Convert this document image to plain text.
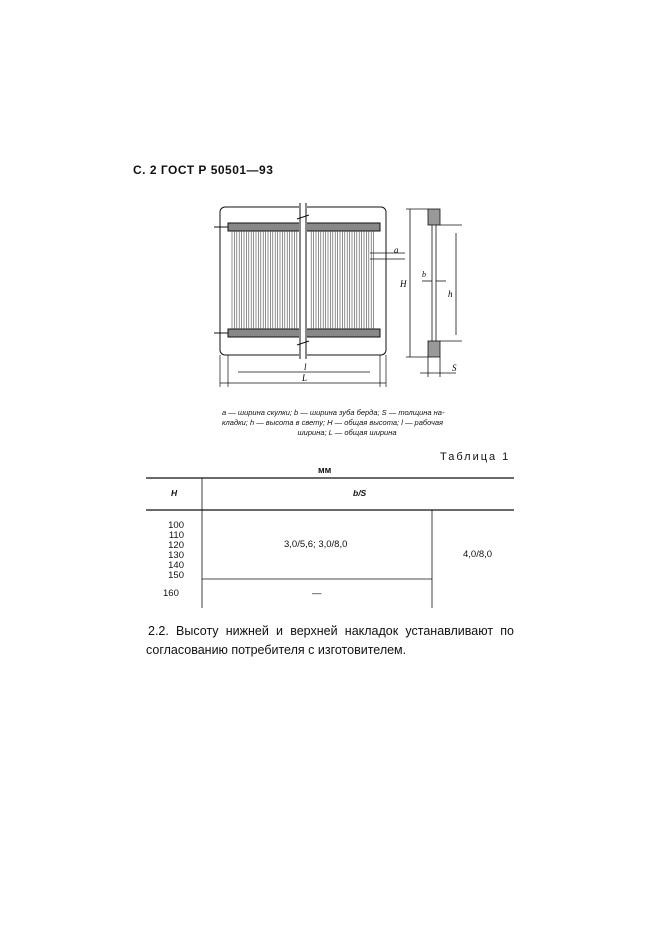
С. 2 ГОСТ Р 50501—93
a
l
L
H
h
b
S
a — ширина скулки; b — ширина зуба берда; S — толщина на-
кладки; h — высота в свету; H — общая высота; l — рабочая
ширина; L — общая ширина
Таблица 1
мм
H	b/S
100
110
120
130
140
150
160
3,0/5,6; 3,0/8,0
—
4,0/8,0
2.2. Высоту нижней и верхней накладок устанавливают по согласованию потребителя с изготовителем.
